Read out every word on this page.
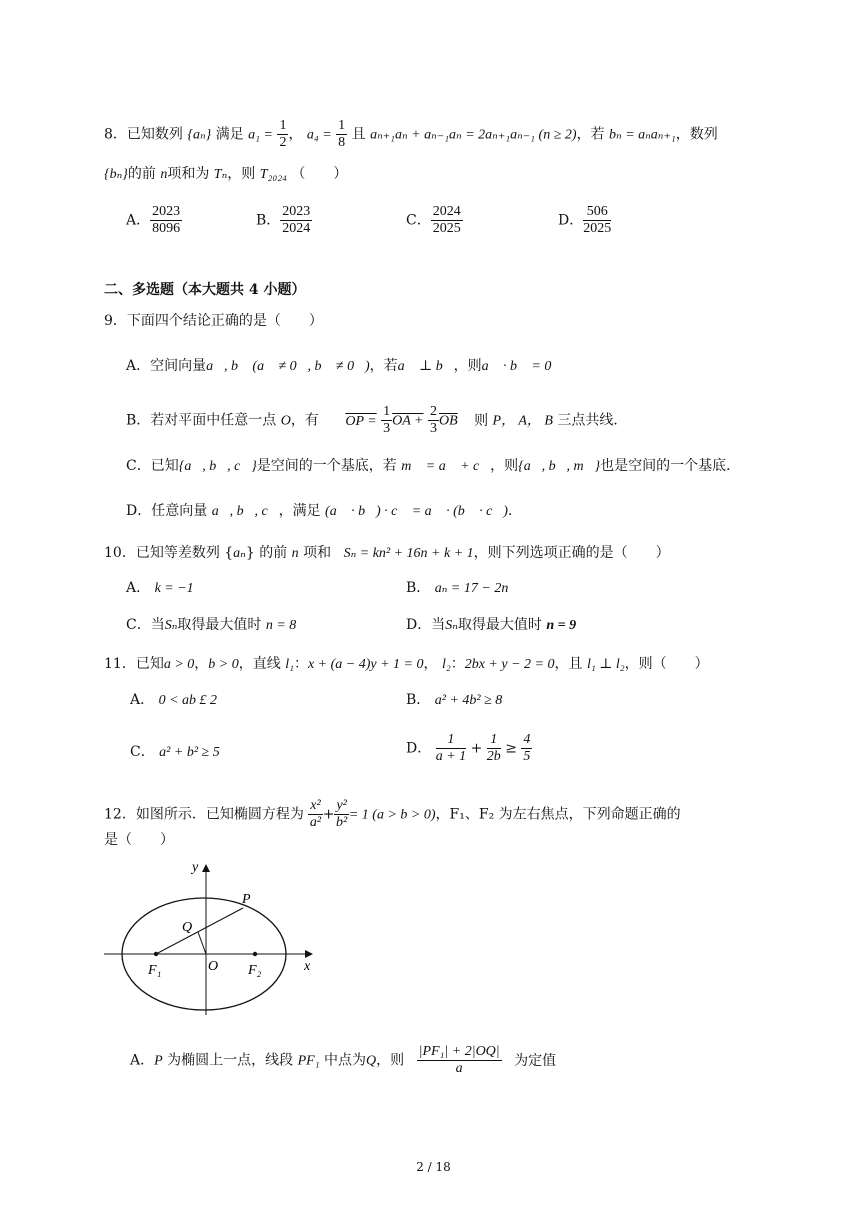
8．已知数列 {aₙ} 满足 $a_1 = \frac{1}{2}$ ， $a_4 = \frac{1}{8}$ 且 aₙ₊₁aₙ + aₙ₋₁aₙ = 2aₙ₊₁aₙ₋₁ (n ≥ 2)，若 bₙ = aₙaₙ₊₁，数列
{bₙ}的前 n项和为 Tₙ，则 T₂₀₂₄ （　　）
A． $\frac{2023}{8096}$	B． $\frac{2023}{2024}$	C． $\frac{2024}{2025}$	D． $\frac{506}{2025}$
二、多选题（本大题共 4 小题）
9．下面四个结论正确的是（　　）
A．空间向量a⃗, b⃗ (a⃗ ≠ 0⃗, b⃗ ≠ 0⃗)，若a⃗ ⊥ b⃗，则a⃗ · b⃗ = 0
B．若对平面中任意一点 O，有 OP = $\frac{1}{3}$ OA + $\frac{2}{3} \overline{OB}$ 则 P， A， B 三点共线．
C．已知{a⃗, b⃗, c⃗}是空间的一个基底，若 m⃗ = a⃗ + c⃗，则{a⃗, b⃗, m⃗}也是空间的一个基底．
D．任意向量 a⃗, b⃗, c⃗，满足 (a⃗ · b⃗) · c⃗ = a⃗ · (b⃗ · c⃗).
10．已知等差数列 {aₙ} 的前 n 项和 Sₙ = kn² + 16n + k + 1，则下列选项正确的是（　　）
A． k = −1	B． aₙ = 17 − 2n
C．当Sₙ取得最大值时 n = 8	D．当Sₙ取得最大值时 n = 9
11．已知a > 0，b > 0，直线 l₁：x + (a − 4)y + 1 = 0， l₂：2bx + y − 2 = 0，且 l₁ ⊥ l₂，则（　　）
A． 0 < ab £ 2	B． a² + 4b² ≥ 8
C． a² + b² ≥ 5	D． $\frac{1}{a + 1} + \frac{1}{2b} \ge \frac{4}{5}$
12．如图所示．已知椭圆方程为 $\frac{\text{x²}}{\text{a²}} + \frac{\text{y²}}{\text{b²}} = 1$ (a > b > 0)，F₁、F₂ 为左右焦点，下列命题正确的
是（　　）
y
P
Q
O
F₁	F₂	x
A．P 为椭圆上一点，线段 PF₁ 中点为Q，则 $\frac{\text{|PF₁| + 2|OQ|}}{a}$ 为定值
2 / 18
